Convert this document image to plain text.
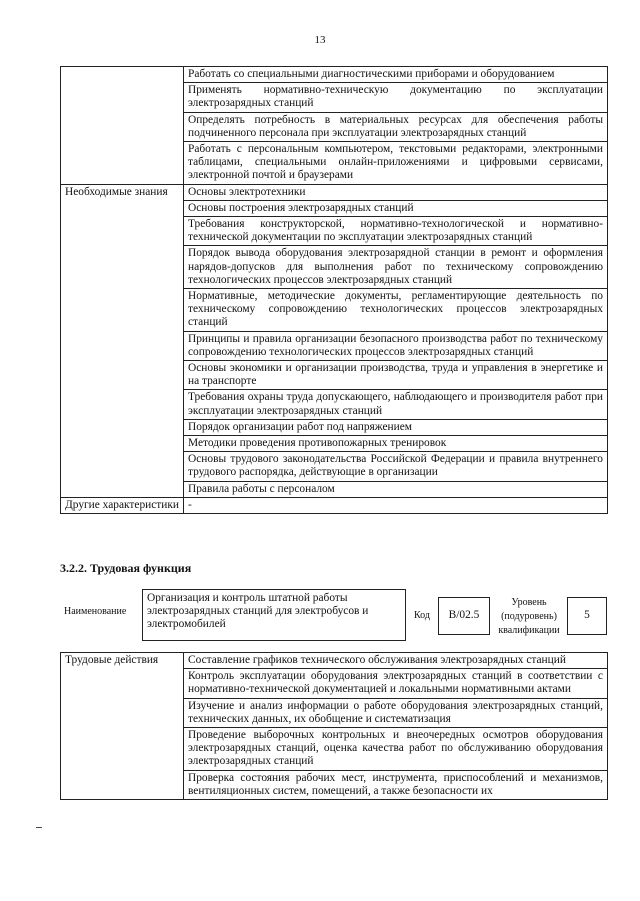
13
	Работать со специальными диагностическими приборами и оборудованием
	Применять нормативно-техническую документацию по эксплуатации электрозарядных станций
	Определять потребность в материальных ресурсах для обеспечения работы подчиненного персонала при эксплуатации электрозарядных станций
	Работать с персональным компьютером, текстовыми редакторами, электронными таблицами, специальными онлайн-приложениями и цифровыми сервисами, электронной почтой и браузерами
Необходимые знания	Основы электротехники
	Основы построения электрозарядных станций
	Требования конструкторской, нормативно-технологической и нормативно-технической документации по эксплуатации электрозарядных станций
	Порядок вывода оборудования электрозарядной станции в ремонт и оформления нарядов-допусков для выполнения работ по техническому сопровождению технологических процессов электрозарядных станций
	Нормативные, методические документы, регламентирующие деятельность по техническому сопровождению технологических процессов электрозарядных станций
	Принципы и правила организации безопасного производства работ по техническому сопровождению технологических процессов электрозарядных станций
	Основы экономики и организации производства, труда и управления в энергетике и на транспорте
	Требования охраны труда допускающего, наблюдающего и производителя работ при эксплуатации электрозарядных станций
	Порядок организации работ под напряжением
	Методики проведения противопожарных тренировок
	Основы трудового законодательства Российской Федерации и правила внутреннего трудового распорядка, действующие в организации
	Правила работы с персоналом
Другие характеристики	-
3.2.2. Трудовая функция
Наименование
Организация и контроль штатной работы электрозарядных станций для электробусов и электромобилей
Код B/02.5
Уровень (подуровень) квалификации
5
Трудовые действия	Составление графиков технического обслуживания электрозарядных станций
Контроль эксплуатации оборудования электрозарядных станций в соответствии с нормативно-технической документацией и локальными нормативными актами
Изучение и анализ информации о работе оборудования электрозарядных станций, технических данных, их обобщение и систематизация
Проведение выборочных контрольных и внеочередных осмотров оборудования электрозарядных станций, оценка качества работ по обслуживанию оборудования электрозарядных станций
Проверка состояния рабочих мест, инструмента, приспособлений и механизмов, вентиляционных систем, помещений, а также безопасности их
